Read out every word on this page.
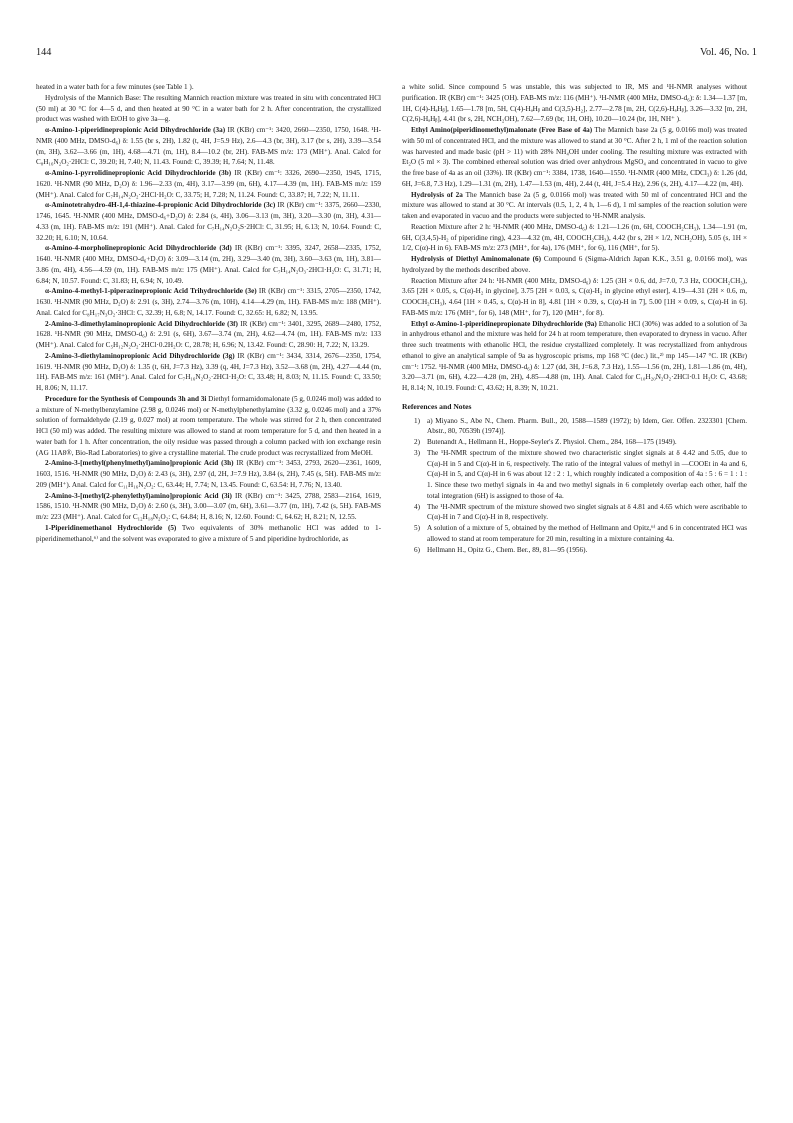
144	Vol. 46, No. 1

heated in a water bath for a few minutes (see Table 1 ).

Hydrolysis of the Mannich Base: The resulting Mannich reaction mixture was treated in situ with concentrated HCl (50 ml) at 30 °C for 4—5 d, and then heated at 90 °C in a water bath for 2 h. After concentration, the crystallized product was washed with EtOH to give 3a—g.

α-Amino-1-piperidinepropionic Acid Dihydrochloride (3a) IR (KBr) cm⁻¹: 3420, 2660—2350, 1750, 1648. ¹H-NMR (400 MHz, DMSO-d₆) δ: 1.55 (br s, 2H), 1.82 (t, 4H, J=5.9 Hz), 2.6—4.3 (br, 3H), 3.17 (br s, 2H), 3.39—3.54 (m, 3H), 3.62—3.66 (m, 1H), 4.68—4.71 (m, 1H), 8.4—10.2 (br, 2H). FAB-MS m/z: 173 (MH⁺). Anal. Calcd for C₈H₁₆N₂O₂·2HCl: C, 39.20; H, 7.40; N, 11.43. Found: C, 39.39; H, 7.64; N, 11.48.

α-Amino-1-pyrrolidinepropionic Acid Dihydrochloride (3b) IR (KBr) cm⁻¹: 3326, 2690—2350, 1945, 1715, 1620. ¹H-NMR (90 MHz, D₂O) δ: 1.96—2.33 (m, 4H), 3.17—3.99 (m, 6H), 4.17—4.39 (m, 1H). FAB-MS m/z: 159 (MH⁺). Anal. Calcd for C₇H₁₄N₂O₂·2HCl·H₂O: C, 33.75; H, 7.28; N, 11.24. Found: C, 33.87; H, 7.22; N, 11.11.

α-Aminotetrahydro-4H-1,4-thiazine-4-propionic Acid Dihydrochloride (3c) IR (KBr) cm⁻¹: 3375, 2660—2330, 1746, 1645. ¹H-NMR (400 MHz, DMSO-d₆+D₂O) δ: 2.84 (s, 4H), 3.06—3.13 (m, 3H), 3.20—3.30 (m, 3H), 4.31—4.33 (m, 1H). FAB-MS m/z: 191 (MH⁺). Anal. Calcd for C₇H₁₄N₂O₂S·2HCl: C, 31.95; H, 6.13; N, 10.64. Found: C, 32.20; H, 6.10; N, 10.64.

α-Amino-4-morpholinepropionic Acid Dihydrochloride (3d) IR (KBr) cm⁻¹: 3395, 3247, 2658—2335, 1752, 1640. ¹H-NMR (400 MHz, DMSO-d₆+D₂O) δ: 3.09—3.14 (m, 2H), 3.29—3.40 (m, 3H), 3.60—3.63 (m, 1H), 3.81—3.86 (m, 4H), 4.56—4.59 (m, 1H). FAB-MS m/z: 175 (MH⁺). Anal. Calcd for C₇H₁₄N₂O₃·2HCl·H₂O: C, 31.71; H, 6.84; N, 10.57. Found: C, 31.83; H, 6.94; N, 10.49.

α-Amino-4-methyl-1-piperazinepropionic Acid Trihydrochloride (3e) IR (KBr) cm⁻¹: 3315, 2705—2350, 1742, 1630. ¹H-NMR (90 MHz, D₂O) δ: 2.91 (s, 3H), 2.74—3.76 (m, 10H), 4.14—4.29 (m, 1H). FAB-MS m/z: 188 (MH⁺). Anal. Calcd for C₈H₁₇N₃O₂·3HCl: C, 32.39; H, 6.8; N, 14.17. Found: C, 32.65: H, 6.82; N, 13.95.

2-Amino-3-dimethylaminopropionic Acid Dihydrochloride (3f) IR (KBr) cm⁻¹: 3401, 3295, 2689—2480, 1752, 1628. ¹H-NMR (90 MHz, DMSO-d₆) δ: 2.91 (s, 6H), 3.67—3.74 (m, 2H), 4.62—4.74 (m, 1H). FAB-MS m/z: 133 (MH⁺). Anal. Calcd for C₅H₁₂N₂O₂·2HCl·0.2H₂O: C, 28.78; H, 6.96; N, 13.42. Found: C, 28.90: H, 7.22; N, 13.29.

2-Amino-3-diethylaminopropionic Acid Dihydrochloride (3g) IR (KBr) cm⁻¹: 3434, 3314, 2676—2350, 1754, 1619. ¹H-NMR (90 MHz, D₂O) δ: 1.35 (t, 6H, J=7.3 Hz), 3.39 (q, 4H, J=7.3 Hz), 3.52—3.68 (m, 2H), 4.27—4.44 (m, 1H). FAB-MS m/z: 161 (MH⁺). Anal. Calcd for C₇H₁₆N₂O₂·2HCl·H₂O: C, 33.48; H, 8.03; N, 11.15. Found: C, 33.50; H, 8.06; N, 11.17.

Procedure for the Synthesis of Compounds 3h and 3i Diethyl formamidomalonate (5 g, 0.0246 mol) was added to a mixture of N-methylbenzylamine (2.98 g, 0.0246 mol) or N-methylphenethylamine (3.32 g, 0.0246 mol) and a 37% solution of formaldehyde (2.19 g, 0.027 mol) at room temperature. The whole was stirred for 2 h, then concentrated HCl (50 ml) was added. The resulting mixture was allowed to stand at room temperature for 5 d, and then heated in a water bath for 1 h. After concentration, the oily residue was passed through a column packed with ion exchange resin (AG 11A8®, Bio-Rad Laboratories) to give a crystalline material. The crude product was recrystallized from MeOH.

2-Amino-3-[methyl(phenylmethyl)amino]propionic Acid (3h) IR (KBr) cm⁻¹: 3453, 2793, 2620—2361, 1609, 1603, 1516. ¹H-NMR (90 MHz, D₂O) δ: 2.43 (s, 3H), 2.97 (d, 2H, J=7.9 Hz), 3.84 (s, 2H), 7.45 (s, 5H). FAB-MS m/z: 209 (MH⁺). Anal. Calcd for C₁₁H₁₆N₂O₂: C, 63.44; H, 7.74; N, 13.45. Found: C, 63.54: H, 7.76; N, 13.40.

2-Amino-3-[methyl(2-phenylethyl)amino]propionic Acid (3i) IR (KBr) cm⁻¹: 3425, 2788, 2583—2164, 1619, 1586, 1510. ¹H-NMR (90 MHz, D₂O) δ: 2.60 (s, 3H), 3.00—3.07 (m, 6H), 3.61—3.77 (m, 1H), 7.42 (s, 5H). FAB-MS m/z: 223 (MH⁺). Anal. Calcd for C₁₂H₁₈N₂O₂: C, 64.84; H, 8.16; N, 12.60. Found: C, 64.62; H, 8.21; N, 12.55.

1-Piperidinemethanol Hydrochloride (5) Two equivalents of 30% methanolic HCl was added to 1-piperidinemethanol,⁶⁾ and the solvent was evaporated to give a mixture of 5 and piperidine hydrochloride, as

a white solid. Since compound 5 was unstable, this was subjected to IR, MS and ¹H-NMR analyses without purification. IR (KBr) cm⁻¹: 3425 (OH). FAB-MS m/z: 116 (MH⁺). ¹H-NMR (400 MHz, DMSO-d₆): δ: 1.34—1.37 [m, 1H, C(4)-HₐHᵦ], 1.65—1.78 [m, 5H, C(4)-HₐHᵦ and C(3,5)-H₂], 2.77—2.78 [m, 2H, C(2,6)-HₐHᵦ], 3.26—3.32 [m, 2H, C(2,6)-HₐHᵦ], 4.41 (br s, 2H, NCH₂OH), 7.62—7.69 (br, 1H, OH), 10.20—10.24 (br, 1H, NH⁺ ).

Ethyl Amino(piperidinomethyl)malonate (Free Base of 4a) The Mannich base 2a (5 g, 0.0166 mol) was treated with 50 ml of concentrated HCl, and the mixture was allowed to stand at 30 °C. After 2 h, 1 ml of the reaction solution was harvested and made basic (pH > 11) with 28% NH₄OH under cooling. The resulting mixture was extracted with Et₂O (5 ml × 3). The combined ethereal solution was dried over anhydrous MgSO₄ and concentrated in vacuo to give the free base of 4a as an oil (33%). IR (KBr) cm⁻¹: 3384, 1738, 1640—1550. ¹H-NMR (400 MHz, CDCl₃) δ: 1.26 (dd, 6H, J=6.8, 7.3 Hz), 1.29—1.31 (m, 2H), 1.47—1.53 (m, 4H), 2.44 (t, 4H, J=5.4 Hz), 2.96 (s, 2H), 4.17—4.22 (m, 4H).

Hydrolysis of 2a The Mannich base 2a (5 g, 0.0166 mol) was treated with 50 ml of concentrated HCl and the mixture was allowed to stand at 30 °C. At intervals (0.5, 1, 2, 4 h, 1—6 d), 1 ml samples of the reaction solution were taken and evaporated in vacuo and the products were subjected to ¹H-NMR analysis.

Reaction Mixture after 2 h: ¹H-NMR (400 MHz, DMSO-d₆) δ: 1.21—1.26 (m, 6H, COOCH₂CH₃), 1.34—1.91 (m, 6H, C(3,4,5)-H₂ of piperidine ring), 4.23—4.32 (m, 4H, COOCH₂CH₃), 4.42 (br s, 2H × 1/2, NCH₂OH), 5.05 (s, 1H × 1/2, C(α)-H in 6). FAB-MS m/z: 273 (MH⁺, for 4a), 176 (MH⁺, for 6), 116 (MH⁺, for 5).

Hydrolysis of Diethyl Aminomalonate (6) Compound 6 (Sigma-Aldrich Japan K.K., 3.51 g, 0.0166 mol), was hydrolyzed by the methods described above.

Reaction Mixture after 24 h: ¹H-NMR (400 MHz, DMSO-d₆) δ: 1.25 (3H × 0.6, dd, J=7.0, 7.3 Hz, COOCH₂CH₃), 3.65 [2H × 0.05, s, C(α)-H₂ in glycine], 3.75 [2H × 0.03, s, C(α)-H₂ in glycine ethyl ester], 4.19—4.31 (2H × 0.6, m, COOCH₂CH₃), 4.64 [1H × 0.45, s, C(α)-H in 8], 4.81 [1H × 0.39, s, C(α)-H in 7], 5.00 [1H × 0.09, s, C(α)-H in 6]. FAB-MS m/z: 176 (MH⁺, for 6), 148 (MH⁺, for 7), 120 (MH⁺, for 8).

Ethyl α-Amino-1-piperidinepropionate Dihydrochloride (9a) Ethanolic HCl (30%) was added to a solution of 3a in anhydrous ethanol and the mixture was held for 24 h at room temperature, then evaporated to dryness in vacuo. After three such treatments with ethanolic HCl, the residue crystallized completely. It was recrystallized from anhydrous ethanol to give an analytical sample of 9a as hygroscopic prisms, mp 168 °C (dec.) lit.,²⁾ mp 145—147 °C. IR (KBr) cm⁻¹: 1752. ¹H-NMR (400 MHz, DMSO-d₆) δ: 1.27 (dd, 3H, J=6.8, 7.3 Hz), 1.55—1.56 (m, 2H), 1.81—1.86 (m, 4H), 3.20—3.71 (m, 6H), 4.22—4.28 (m, 2H), 4.85—4.88 (m, 1H). Anal. Calcd for C₁₀H₂₀N₂O₂·2HCl·0.1 H₂O: C, 43.68; H, 8.14; N, 10.19. Found: C, 43.62; H, 8.39; N, 10.21.

References and Notes
1) a) Miyano S., Abe N., Chem. Pharm. Bull., 20, 1588—1589 (1972); b) Idem, Ger. Offen. 2323301 [Chem. Abstr., 80, 70539h (1974)].
2) Butenandt A., Hellmann H., Hoppe-Seyler's Z. Physiol. Chem., 284, 168—175 (1949).
3) The ¹H-NMR spectrum of the mixture showed two characteristic singlet signals at δ 4.42 and 5.05, due to C(α)-H in 5 and C(α)-H in 6, respectively. The ratio of the integral values of methyl in —COOEt in 4a and 6, C(α)-H in 5, and C(α)-H in 6 was about 12 : 2 : 1, which roughly indicated a composition of 4a : 5 : 6 = 1 : 1 : 1. Since these two methyl signals in 4a and two methyl signals in 6 completely overlap each other, half the total integration (6H) is assigned to those of 4a.
4) The ¹H-NMR spectrum of the mixture showed two singlet signals at δ 4.81 and 4.65 which were ascribable to C(α)-H in 7 and C(α)-H in 8, respectively.
5) A solution of a mixture of 5, obtained by the method of Hellmann and Opitz,⁶⁾ and 6 in concentrated HCl was allowed to stand at room temperature for 20 min, resulting in a mixture containing 4a.
6) Hellmann H., Opitz G., Chem. Ber., 89, 81—95 (1956).
